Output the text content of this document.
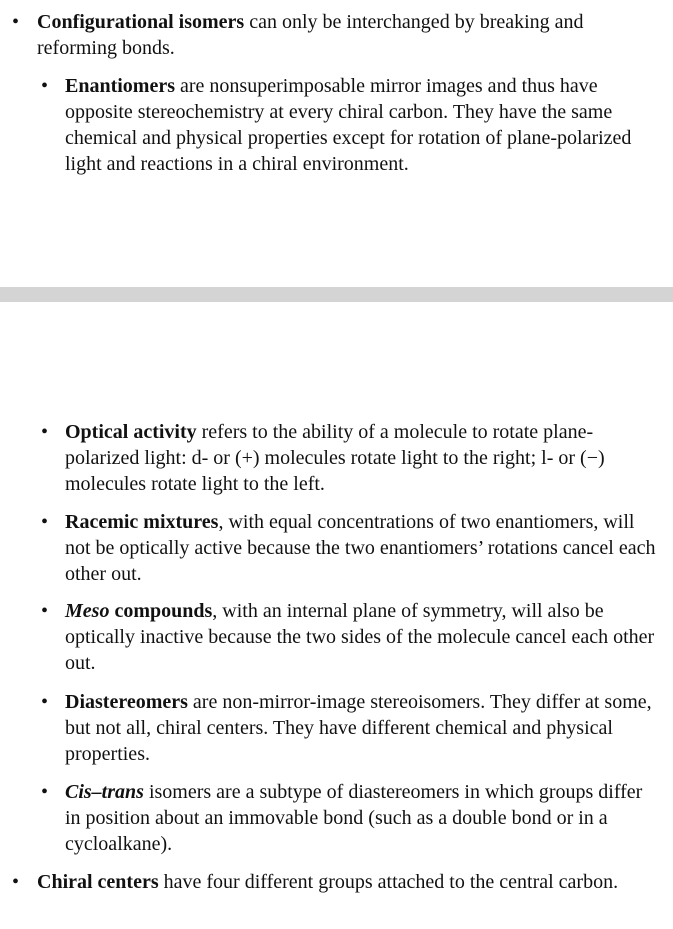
• Configurational isomers can only be interchanged by breaking and reforming bonds.

• Enantiomers are nonsuperimposable mirror images and thus have opposite stereochemistry at every chiral carbon. They have the same chemical and physical properties except for rotation of plane-polarized light and reactions in a chiral environment.

• Optical activity refers to the ability of a molecule to rotate plane-polarized light: d- or (+) molecules rotate light to the right; l- or (−) molecules rotate light to the left.

• Racemic mixtures, with equal concentrations of two enantiomers, will not be optically active because the two enantiomers’ rotations cancel each other out.

• Meso compounds, with an internal plane of symmetry, will also be optically inactive because the two sides of the molecule cancel each other out.

• Diastereomers are non-mirror-image stereoisomers. They differ at some, but not all, chiral centers. They have different chemical and physical properties.

• Cis–trans isomers are a subtype of diastereomers in which groups differ in position about an immovable bond (such as a double bond or in a cycloalkane).

• Chiral centers have four different groups attached to the central carbon.
